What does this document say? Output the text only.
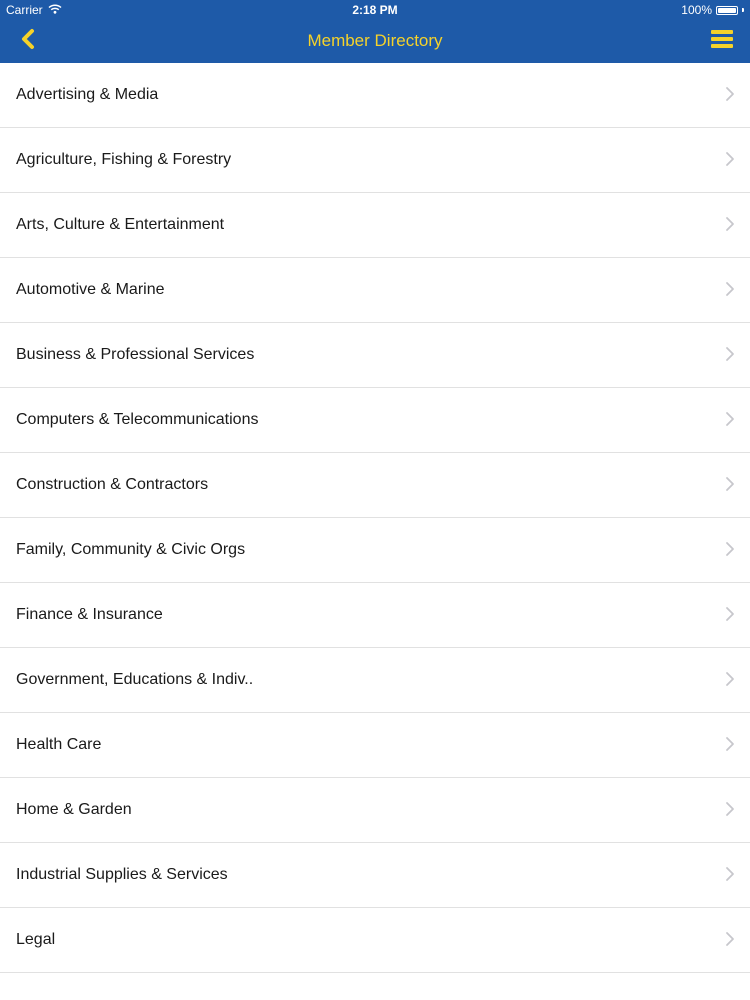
Carrier	2:18 PM	100%
Member Directory
Advertising & Media
Agriculture, Fishing & Forestry
Arts, Culture & Entertainment
Automotive & Marine
Business & Professional Services
Computers & Telecommunications
Construction & Contractors
Family, Community & Civic Orgs
Finance & Insurance
Government, Educations & Indiv..
Health Care
Home & Garden
Industrial Supplies & Services
Legal
